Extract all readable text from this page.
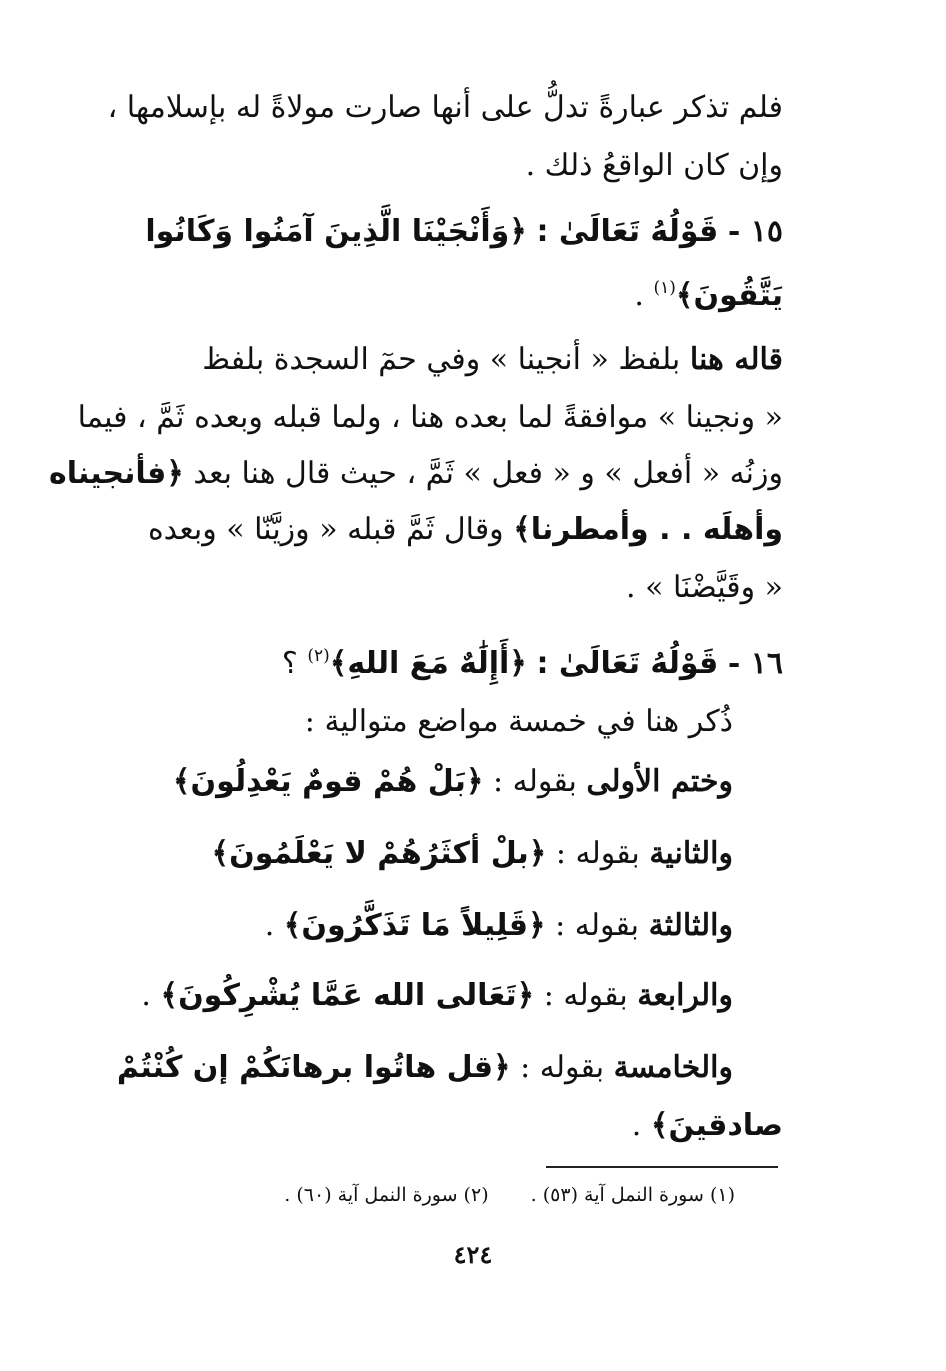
فلم تذكر عبارةً تدلُّ على أنها صارت مولاةً له بإسلامها ،
وإن كان الواقعُ ذلك .
١٥ - قَوْلُهُ تَعَالَىٰ : ﴿وَأَنْجَيْنَا الَّذِينَ آمَنُوا وَكَانُوا
يَتَّقُونَ﴾$^{(١)}$ .
قاله هنا بلفظ « أنجينا » وفي حمٓ السجدة بلفظ
« ونجينا » موافقةً لما بعده هنا ، ولما قبله وبعده ثَمَّ ، فيما
وزنُه « أفعل » و « فعل » ثَمَّ ، حيث قال هنا بعد ﴿فأنجيناه
وأهلَه . . وأمطرنا﴾ وقال ثَمَّ قبله « وزيَّنّا » وبعده
« وقَيَّضْنَا » .
١٦ - قَوْلُهُ تَعَالَىٰ : ﴿أَإِلَٰهٌ مَعَ اللهِ﴾$^{(٢)}$ ؟
ذُكر هنا في خمسة مواضع متوالية :
وختم الأولى بقوله : ﴿بَلْ هُمْ قومٌ يَعْدِلُونَ﴾
والثانية بقوله : ﴿بلْ أكثَرُهُمْ لا يَعْلَمُونَ﴾
والثالثة بقوله : ﴿قَلِيلاً مَا تَذَكَّرُونَ﴾ .
والرابعة بقوله : ﴿تَعَالى الله عَمَّا يُشْرِكُونَ﴾ .
والخامسة بقوله : ﴿قل هاتُوا برهانَكُمْ إن كُنْتُمْ
صادقينَ﴾ .
(١) سورة النمل آية (٥٣) . (٢) سورة النمل آية (٦٠) .
٤٢٤
